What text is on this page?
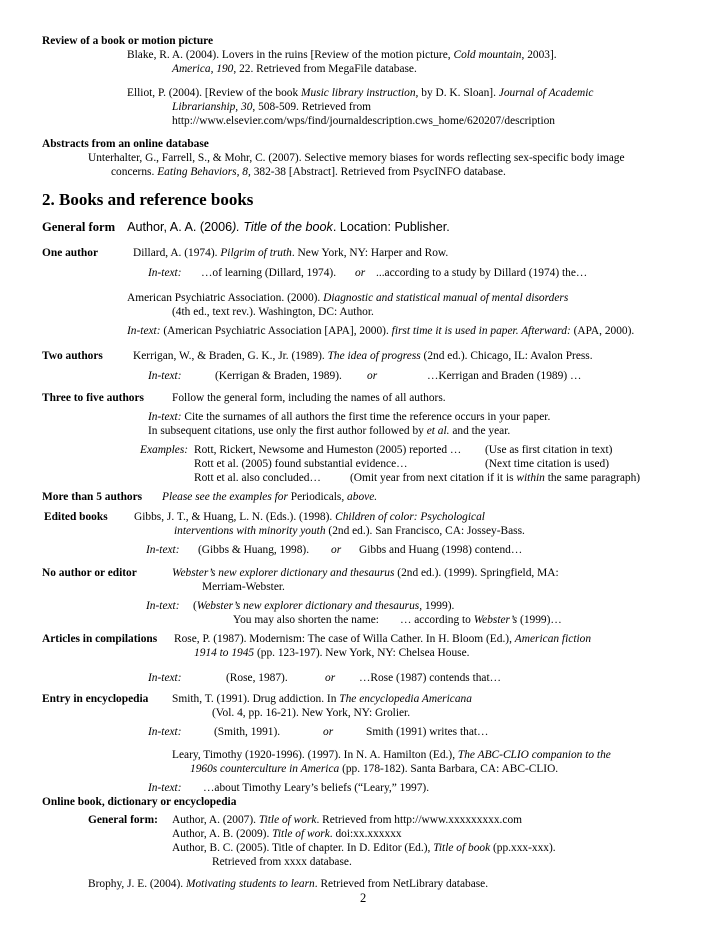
Review of a book or motion picture
Blake, R. A. (2004). Lovers in the ruins [Review of the motion picture, Cold mountain, 2003].
America, 190, 22. Retrieved from MegaFile database.
Elliot, P. (2004). [Review of the book Music library instruction, by D. K. Sloan]. Journal of Academic
Librarianship, 30, 508-509. Retrieved from
http://www.elsevier.com/wps/find/journaldescription.cws_home/620207/description
Abstracts from an online database
Unterhalter, G., Farrell, S., & Mohr, C. (2007). Selective memory biases for words reflecting sex-specific body image
concerns. Eating Behaviors, 8, 382-38 [Abstract]. Retrieved from PsycINFO database.
2. Books and reference books
General form Author, A. A. (2006). Title of the book. Location: Publisher.
One author	Dillard, A. (1974). Pilgrim of truth. New York, NY: Harper and Row.
In-text: …of learning (Dillard, 1974). or ...according to a study by Dillard (1974) the…
American Psychiatric Association. (2000). Diagnostic and statistical manual of mental disorders
(4th ed., text rev.). Washington, DC: Author.
In-text: (American Psychiatric Association [APA], 2000). first time it is used in paper. Afterward: (APA, 2000).
Two authors	Kerrigan, W., & Braden, G. K., Jr. (1989). The idea of progress (2nd ed.). Chicago, IL: Avalon Press.
In-text:	(Kerrigan & Braden, 1989). or	…Kerrigan and Braden (1989) …
Three to five authors Follow the general form, including the names of all authors.
In-text: Cite the surnames of all authors the first time the reference occurs in your paper.
In subsequent citations, use only the first author followed by et al. and the year.
Examples: Rott, Rickert, Newsome and Humeston (2005) reported … (Use as first citation in text)
Rott et al. (2005) found substantial evidence…	(Next time citation is used)
Rott et al. also concluded…	(Omit year from next citation if it is within the same paragraph)
More than 5 authors Please see the examples for Periodicals, above.
Edited books Gibbs, J. T., & Huang, L. N. (Eds.). (1998). Children of color: Psychological
interventions with minority youth (2nd ed.). San Francisco, CA: Jossey-Bass.
In-text: (Gibbs & Huang, 1998). or Gibbs and Huang (1998) contend…
No author or editor	Webster’s new explorer dictionary and thesaurus (2nd ed.). (1999). Springfield, MA:
Merriam-Webster.
In-text: (Webster’s new explorer dictionary and thesaurus, 1999).
You may also shorten the name: … according to Webster’s (1999)…
Articles in compilations Rose, P. (1987). Modernism: The case of Willa Cather. In H. Bloom (Ed.), American fiction
1914 to 1945 (pp. 123-197). New York, NY: Chelsea House.
In-text:	(Rose, 1987).	or …Rose (1987) contends that…
Entry in encyclopedia Smith, T. (1991). Drug addiction. In The encyclopedia Americana
(Vol. 4, pp. 16-21). New York, NY: Grolier.
In-text:	(Smith, 1991).	or	Smith (1991) writes that…
Leary, Timothy (1920-1996). (1997). In N. A. Hamilton (Ed.), The ABC-CLIO companion to the
1960s counterculture in America (pp. 178-182). Santa Barbara, CA: ABC-CLIO.
In-text: …about Timothy Leary’s beliefs (“Leary,” 1997).
Online book, dictionary or encyclopedia
General form: Author, A. (2007). Title of work. Retrieved from http://www.xxxxxxxxx.com
Author, A. B. (2009). Title of work. doi:xx.xxxxxx
Author, B. C. (2005). Title of chapter. In D. Editor (Ed.), Title of book (pp.xxx-xxx).
Retrieved from xxxx database.
Brophy, J. E. (2004). Motivating students to learn. Retrieved from NetLibrary database.
2
